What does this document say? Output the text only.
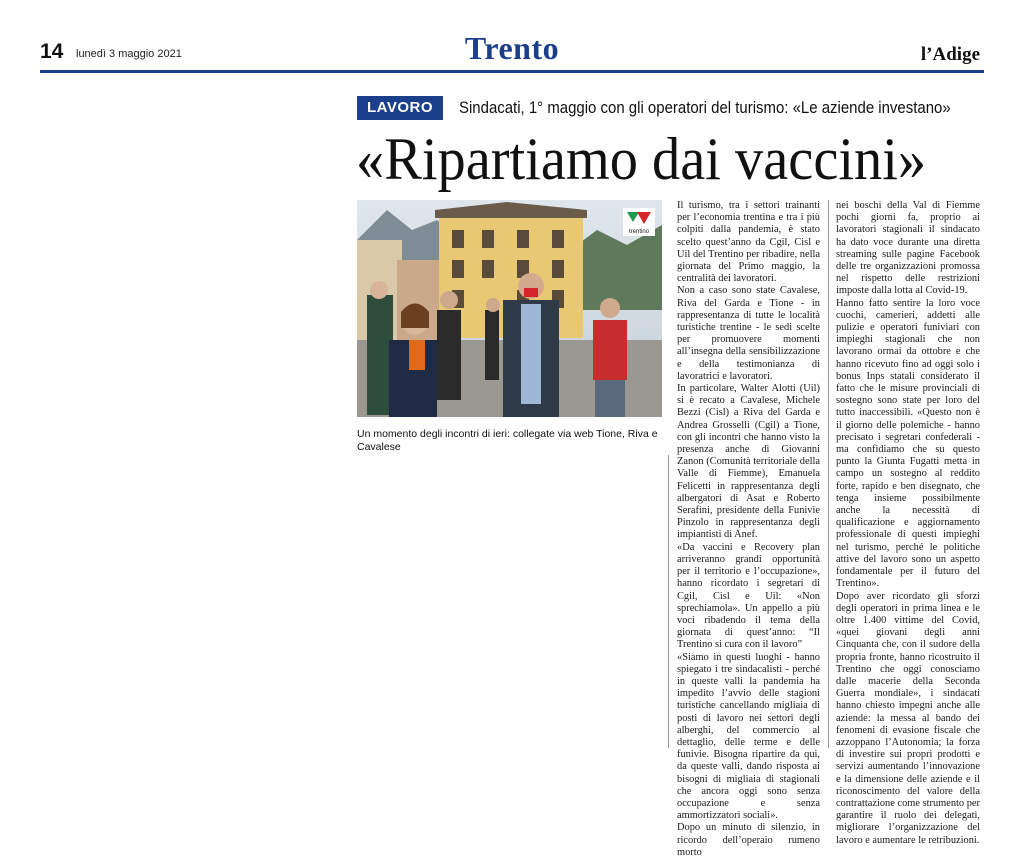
14 lunedì 3 maggio 2021	Trento	l’Adige
LAVORO	Sindacati, 1° maggio con gli operatori del turismo: «Le aziende investano»
«Ripartiamo dai vaccini»
trentino
Un momento degli incontri di ieri: collegate via web Tione, Riva e Cavalese

Il turismo, tra i settori trainanti per l’economia trentina e tra i più colpiti dalla pandemia, è stato scelto quest’anno da Cgil, Cisl e Uil del Trentino per ribadire, nella giornata del Primo maggio, la centralità dei lavoratori.

Non a caso sono state Cavalese, Riva del Garda e Tione - in rappresentanza di tutte le località turistiche trentine - le sedi scelte per promuovere momenti all’insegna della sensibilizzazione e della testimonianza di lavoratrici e lavoratori.

In particolare, Walter Alotti (Uil) si è recato a Cavalese, Michele Bezzi (Cisl) a Riva del Garda e Andrea Grosselli (Cgil) a Tione, con gli incontri che hanno visto la presenza anche di Giovanni Zanon (Comunità territoriale della Valle di Fiemme), Emanuela Felicetti in rappresentanza degli albergatori di Asat e Roberto Serafini, presidente della Funivie Pinzolo in rappresentanza degli impiantisti di Anef.

«Da vaccini e Recovery plan arriveranno grandi opportunità per il territorio e l’occupazione», hanno ricordato i segretari di Cgil, Cisl e Uil: «Non sprechiamola». Un appello a più voci ribadendo il tema della giornata di quest’anno: “Il Trentino si cura con il lavoro”

«Siamo in questi luoghi - hanno spiegato i tre sindacalisti - perché in queste valli la pandemia ha impedito l’avvio delle stagioni turistiche cancellando migliaia di posti di lavoro nei settori degli alberghi, del commercio al dettaglio, delle terme e delle funivie. Bisogna ripartire da qui, da queste valli, dando risposta ai bisogni di migliaia di stagionali che ancora oggi sono senza occupazione e senza ammortizzatori sociali».

Dopo un minuto di silenzio, in ricordo dell’operaio rumeno morto

nei boschi della Val di Fiemme pochi giorni fa, proprio ai lavoratori stagionali il sindacato ha dato voce durante una diretta streaming sulle pagine Facebook delle tre organizzazioni promossa nel rispetto delle restrizioni imposte dalla lotta al Covid-19.

Hanno fatto sentire la loro voce cuochi, camerieri, addetti alle pulizie e operatori funiviari con impieghi stagionali che non lavorano ormai da ottobre e che hanno ricevuto fino ad oggi solo i bonus Inps statali considerato il fatto che le misure provinciali di sostegno sono state per loro del tutto inaccessibili. «Questo non è il giorno delle polemiche - hanno precisato i segretari confederali - ma confidiamo che su questo punto la Giunta Fugatti metta in campo un sostegno al reddito forte, rapido e ben disegnato, che tenga insieme possibilmente anche la necessità di qualificazione e aggiornamento professionale di questi impieghi nel turismo, perché le politiche attive del lavoro sono un aspetto fondamentale per il futuro del Trentino».

Dopo aver ricordato gli sforzi degli operatori in prima linea e le oltre 1.400 vittime del Covid, «quei giovani degli anni Cinquanta che, con il sudore della propria fronte, hanno ricostruito il Trentino che oggi conosciamo dalle macerie della Seconda Guerra mondiale», i sindacati hanno chiesto impegni anche alle aziende: la messa al bando dei fenomeni di evasione fiscale che azzoppano l’Autonomia; la forza di investire sui propri prodotti e servizi aumentando l’innovazione e la dimensione delle aziende e il riconoscimento del valore della contrattazione come strumento per garantire il ruolo dei delegati, migliorare l’organizzazione del lavoro e aumentare le retribuzioni.
